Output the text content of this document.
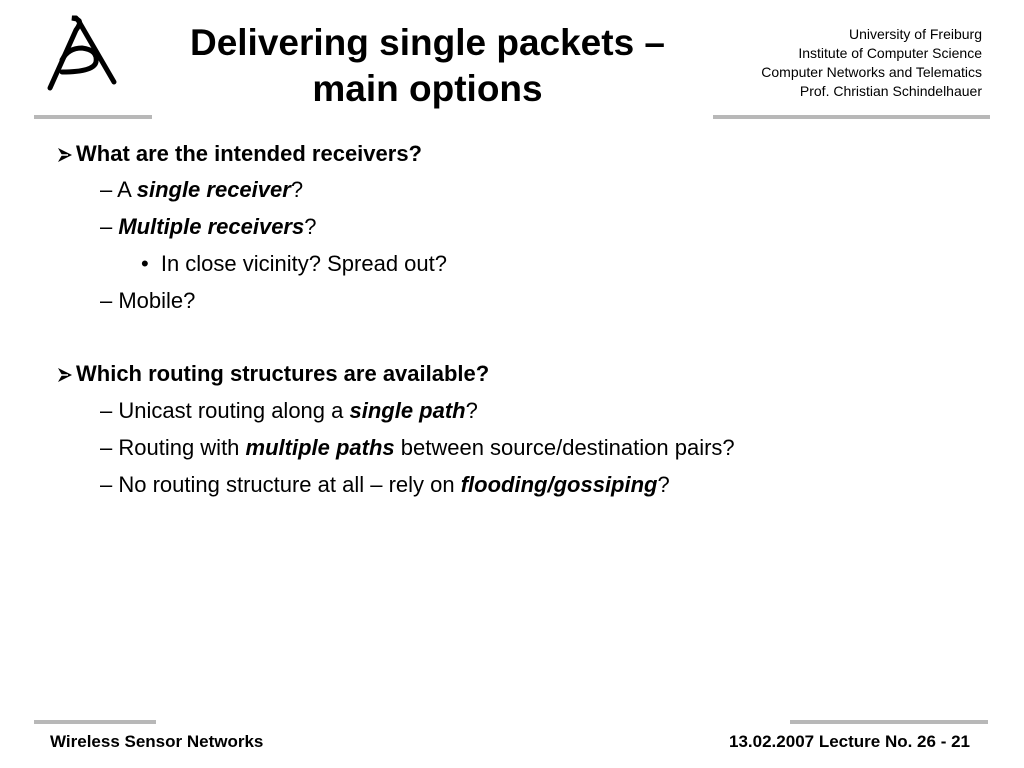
Delivering single packets –
main options
University of Freiburg
Institute of Computer Science
Computer Networks and Telematics
Prof. Christian Schindelhauer
What are the intended receivers?
– A single receiver?
– Multiple receivers?
• In close vicinity? Spread out?
– Mobile?
Which routing structures are available?
– Unicast routing along a single path?
– Routing with multiple paths between source/destination pairs?
– No routing structure at all – rely on flooding/gossiping?
Wireless Sensor Networks	13.02.2007 Lecture No. 26 - 21
